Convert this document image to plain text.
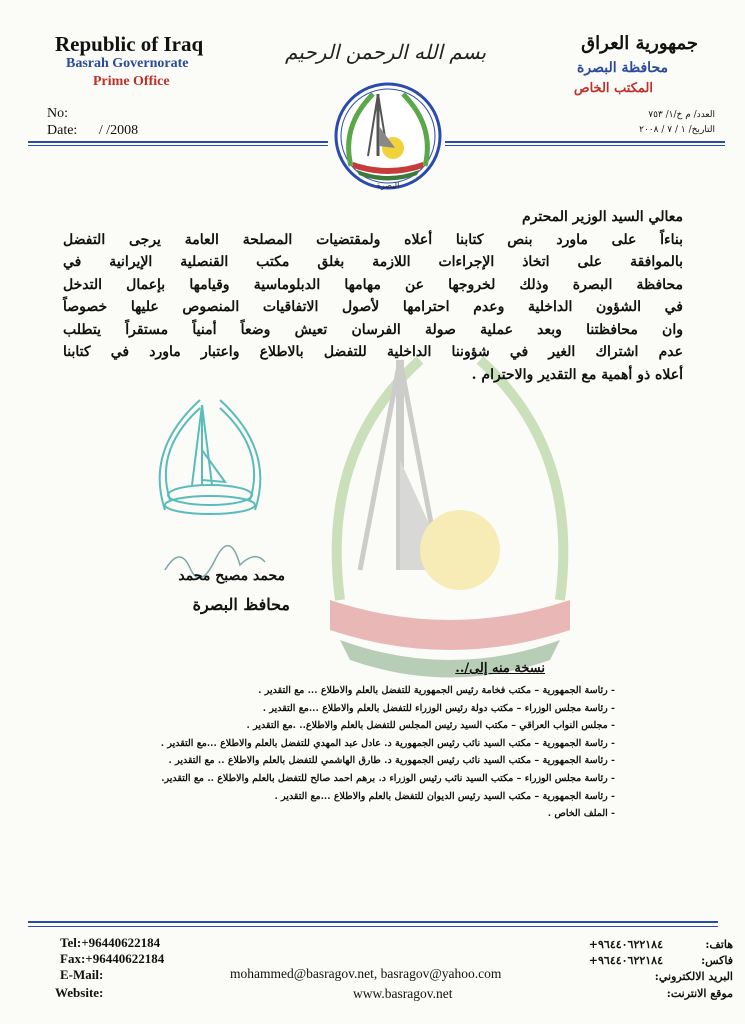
Republic of Iraq
Basrah Governorate
Prime Office
No:
Date: / /2008
بسم الله الرحمن الرحيم	جمهورية العراق
محافظة البصرة
المكتب الخاص
العدد/ م خ/١/ ٧٥٣
التاريخ/ ١ / ٧ / ٢٠٠٨
البصرة
معالي السيد الوزير المحترم
بناءاً على ماورد بنص كتابنا أعلاه ولمقتضيات المصلحة العامة يرجى التفضل
بالموافقة على اتخاذ الإجراءات اللازمة بغلق مكتب القنصلية الإيرانية في
محافظة البصرة وذلك لخروجها عن مهامها الدبلوماسية وقيامها بإعمال التدخل
في الشؤون الداخلية وعدم احترامها لأصول الاتفاقيات المنصوص عليها خصوصاً
وان محافظتنا وبعد عملية صولة الفرسان تعيش وضعاً أمنياً مستقراً يتطلب
عدم اشتراك الغير في شؤوننا الداخلية للتفضل بالاطلاع واعتبار ماورد في كتابنا
أعلاه ذو أهمية مع التقدير والاحترام .
محمد مصبح محمد
محافظ البصرة
نسخة منه إلى/..
- رئاسة الجمهورية – مكتب فخامة رئيس الجمهورية للتفضل بالعلم والاطلاع ... مع التقدير .
- رئاسة مجلس الوزراء – مكتب دولة رئيس الوزراء للتفضل بالعلم والاطلاع ...مع التقدير .
- مجلس النواب العراقي – مكتب السيد رئيس المجلس للتفضل بالعلم والاطلاع.. .مع التقدير .
- رئاسة الجمهورية – مكتب السيد نائب رئيس الجمهورية د. عادل عبد المهدي للتفضل بالعلم والاطلاع ...مع التقدير .
- رئاسة الجمهورية – مكتب السيد نائب رئيس الجمهورية د. طارق الهاشمي للتفضل بالعلم والاطلاع .. مع التقدير .
- رئاسة مجلس الوزراء – مكتب السيد نائب رئيس الوزراء د. برهم احمد صالح للتفضل بالعلم والاطلاع .. مع التقدير.
- رئاسة الجمهورية – مكتب السيد رئيس الديوان للتفضل بالعلم والاطلاع ...مع التقدير .
- الملف الخاص .
Tel:+96440622184
Fax:+96440622184
E-Mail:
Website:
mohammed@basragov.net, basragov@yahoo.com
www.basragov.net
هاتف:
٩٦٤٤٠٦٢٢١٨٤+
فاكس:
٩٦٤٤٠٦٢٢١٨٤+
البريد الالكتروني:
موقع الانترنت:
